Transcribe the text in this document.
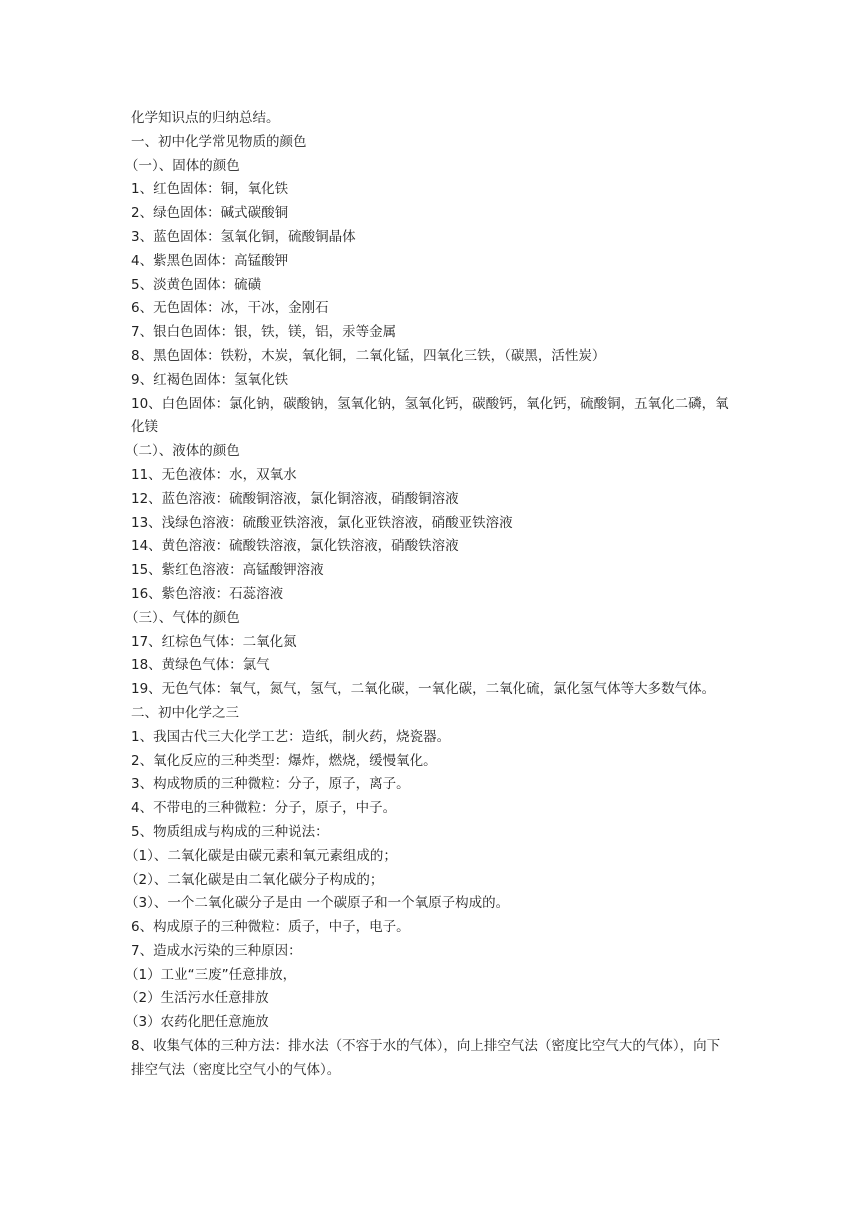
化学知识点的归纳总结。

一、初中化学常见物质的颜色

（一）、固体的颜色

1、红色固体：铜，氧化铁

2、绿色固体：碱式碳酸铜

3、蓝色固体：氢氧化铜，硫酸铜晶体

4、紫黑色固体：高锰酸钾

5、淡黄色固体：硫磺

6、无色固体：冰，干冰，金刚石

7、银白色固体：银，铁，镁，铝，汞等金属

8、黑色固体：铁粉，木炭，氧化铜，二氧化锰，四氧化三铁，（碳黑，活性炭）

9、红褐色固体：氢氧化铁

10、白色固体：氯化钠，碳酸钠，氢氧化钠，氢氧化钙，碳酸钙，氧化钙，硫酸铜，五氧化二磷，氧化镁

（二）、液体的颜色

11、无色液体：水，双氧水

12、蓝色溶液：硫酸铜溶液，氯化铜溶液，硝酸铜溶液

13、浅绿色溶液：硫酸亚铁溶液，氯化亚铁溶液，硝酸亚铁溶液

14、黄色溶液：硫酸铁溶液，氯化铁溶液，硝酸铁溶液

15、紫红色溶液：高锰酸钾溶液

16、紫色溶液：石蕊溶液

（三）、气体的颜色

17、红棕色气体：二氧化氮

18、黄绿色气体：氯气

19、无色气体：氧气，氮气，氢气，二氧化碳，一氧化碳，二氧化硫，氯化氢气体等大多数气体。

二、初中化学之三

1、我国古代三大化学工艺：造纸，制火药，烧瓷器。

2、氧化反应的三种类型：爆炸，燃烧，缓慢氧化。

3、构成物质的三种微粒：分子，原子，离子。

4、不带电的三种微粒：分子，原子，中子。

5、物质组成与构成的三种说法：

（1）、二氧化碳是由碳元素和氧元素组成的；

（2）、二氧化碳是由二氧化碳分子构成的；

（3）、一个二氧化碳分子是由 一个碳原子和一个氧原子构成的。

6、构成原子的三种微粒：质子，中子，电子。

7、造成水污染的三种原因：

（1）工业“三废”任意排放，

（2）生活污水任意排放

（3）农药化肥任意施放

8、收集气体的三种方法：排水法（不容于水的气体），向上排空气法（密度比空气大的气体），向下排空气法（密度比空气小的气体）。
